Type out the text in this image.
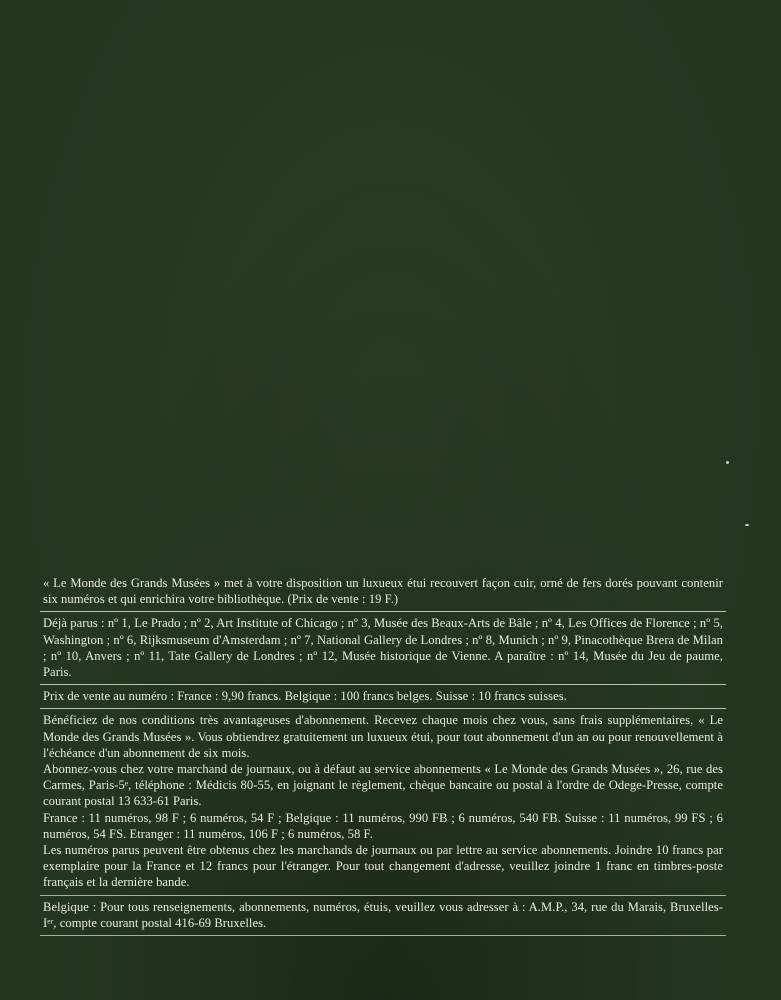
« Le Monde des Grands Musées » met à votre disposition un luxueux étui recouvert façon cuir, orné de fers dorés pouvant contenir six numéros et qui enrichira votre bibliothèque. (Prix de vente : 19 F.)

Déjà parus : nº 1, Le Prado ; nº 2, Art Institute of Chicago ; nº 3, Musée des Beaux-Arts de Bâle ; nº 4, Les Offices de Florence ; nº 5, Washington ; nº 6, Rijksmuseum d'Amsterdam ; nº 7, National Gallery de Londres ; nº 8, Munich ; nº 9, Pinacothèque Brera de Milan ; nº 10, Anvers ; nº 11, Tate Gallery de Londres ; nº 12, Musée historique de Vienne. A paraître : nº 14, Musée du Jeu de paume, Paris.

Prix de vente au numéro : France : 9,90 francs. Belgique : 100 francs belges. Suisse : 10 francs suisses.

Bénéficiez de nos conditions très avantageuses d'abonnement. Recevez chaque mois chez vous, sans frais supplémentaires, « Le Monde des Grands Musées ». Vous obtiendrez gratuitement un luxueux étui, pour tout abonnement d'un an ou pour renouvellement à l'échéance d'un abonnement de six mois.

Abonnez-vous chez votre marchand de journaux, ou à défaut au service abonnements « Le Monde des Grands Musées », 26, rue des Carmes, Paris-5ᵉ, téléphone : Médicis 80-55, en joignant le règlement, chèque bancaire ou postal à l'ordre de Odege-Presse, compte courant postal 13 633-61 Paris.

France : 11 numéros, 98 F ; 6 numéros, 54 F ; Belgique : 11 numéros, 990 FB ; 6 numéros, 540 FB. Suisse : 11 numéros, 99 FS ; 6 numéros, 54 FS. Etranger : 11 numéros, 106 F ; 6 numéros, 58 F.

Les numéros parus peuvent être obtenus chez les marchands de journaux ou par lettre au service abonnements. Joindre 10 francs par exemplaire pour la France et 12 francs pour l'étranger. Pour tout changement d'adresse, veuillez joindre 1 franc en timbres-poste français et la dernière bande.

Belgique : Pour tous renseignements, abonnements, numéros, étuis, veuillez vous adresser à : A.M.P., 34, rue du Marais, Bruxelles-Iᵉʳ, compte courant postal 416-69 Bruxelles.
